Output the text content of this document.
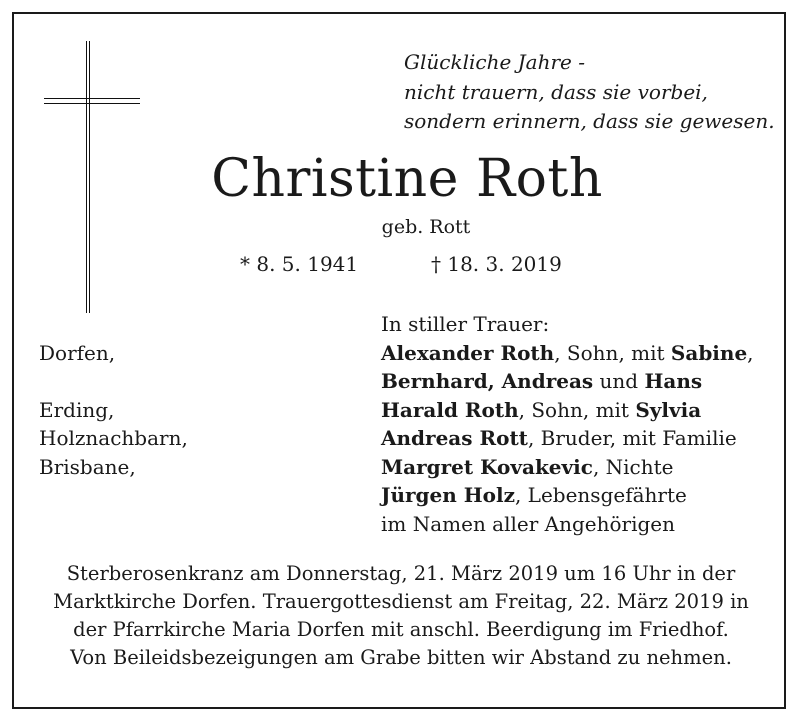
Glückliche Jahre -
nicht trauern, dass sie vorbei,
sondern erinnern, dass sie gewesen.
Christine Roth
geb. Rott
* 8. 5. 1941	† 18. 3. 2019
Dorfen,
Erding,
Holznachbarn,
Brisbane,
In stiller Trauer:
Alexander Roth, Sohn, mit Sabine,
Bernhard, Andreas und Hans
Harald Roth, Sohn, mit Sylvia
Andreas Rott, Bruder, mit Familie
Margret Kovakevic, Nichte
Jürgen Holz, Lebensgefährte
im Namen aller Angehörigen
Sterberosenkranz am Donnerstag, 21. März 2019 um 16 Uhr in der
Marktkirche Dorfen. Trauergottesdienst am Freitag, 22. März 2019 in
der Pfarrkirche Maria Dorfen mit anschl. Beerdigung im Friedhof.
Von Beileidsbezeigungen am Grabe bitten wir Abstand zu nehmen.
